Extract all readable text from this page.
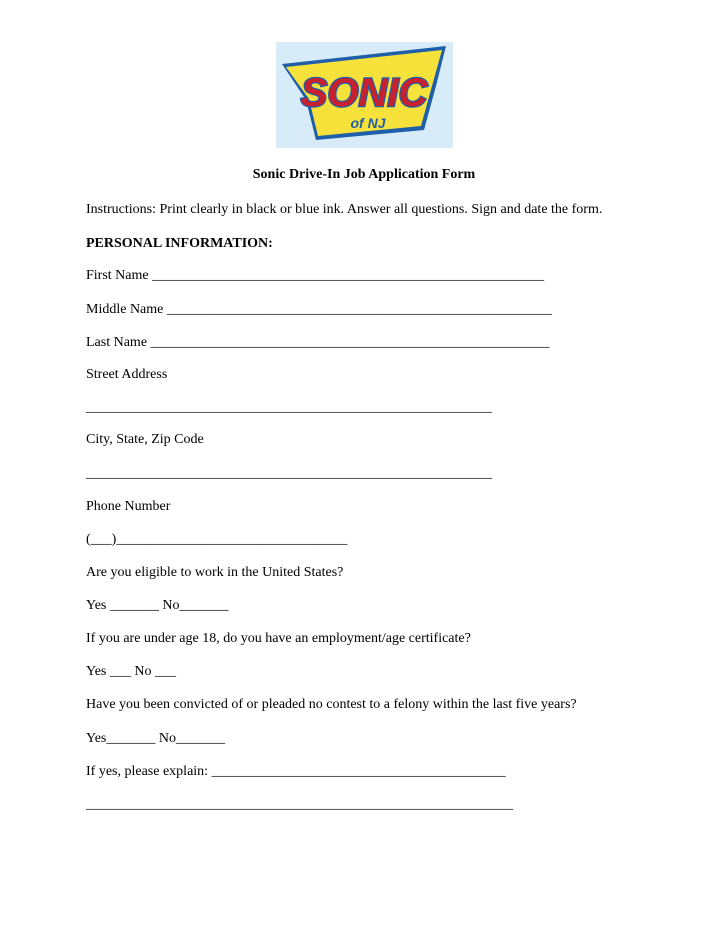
SONIC
of NJ
Sonic Drive-In Job Application Form
Instructions: Print clearly in black or blue ink. Answer all questions. Sign and date the form.
PERSONAL INFORMATION:
First Name ________________________________________________________
Middle Name _______________________________________________________
Last Name _________________________________________________________
Street Address
__________________________________________________________
City, State, Zip Code
__________________________________________________________
Phone Number
(___)_________________________________
Are you eligible to work in the United States?
Yes _______ No_______
If you are under age 18, do you have an employment/age certificate?
Yes ___ No ___
Have you been convicted of or pleaded no contest to a felony within the last five years?
Yes_______ No_______
If yes, please explain: __________________________________________
_____________________________________________________________
